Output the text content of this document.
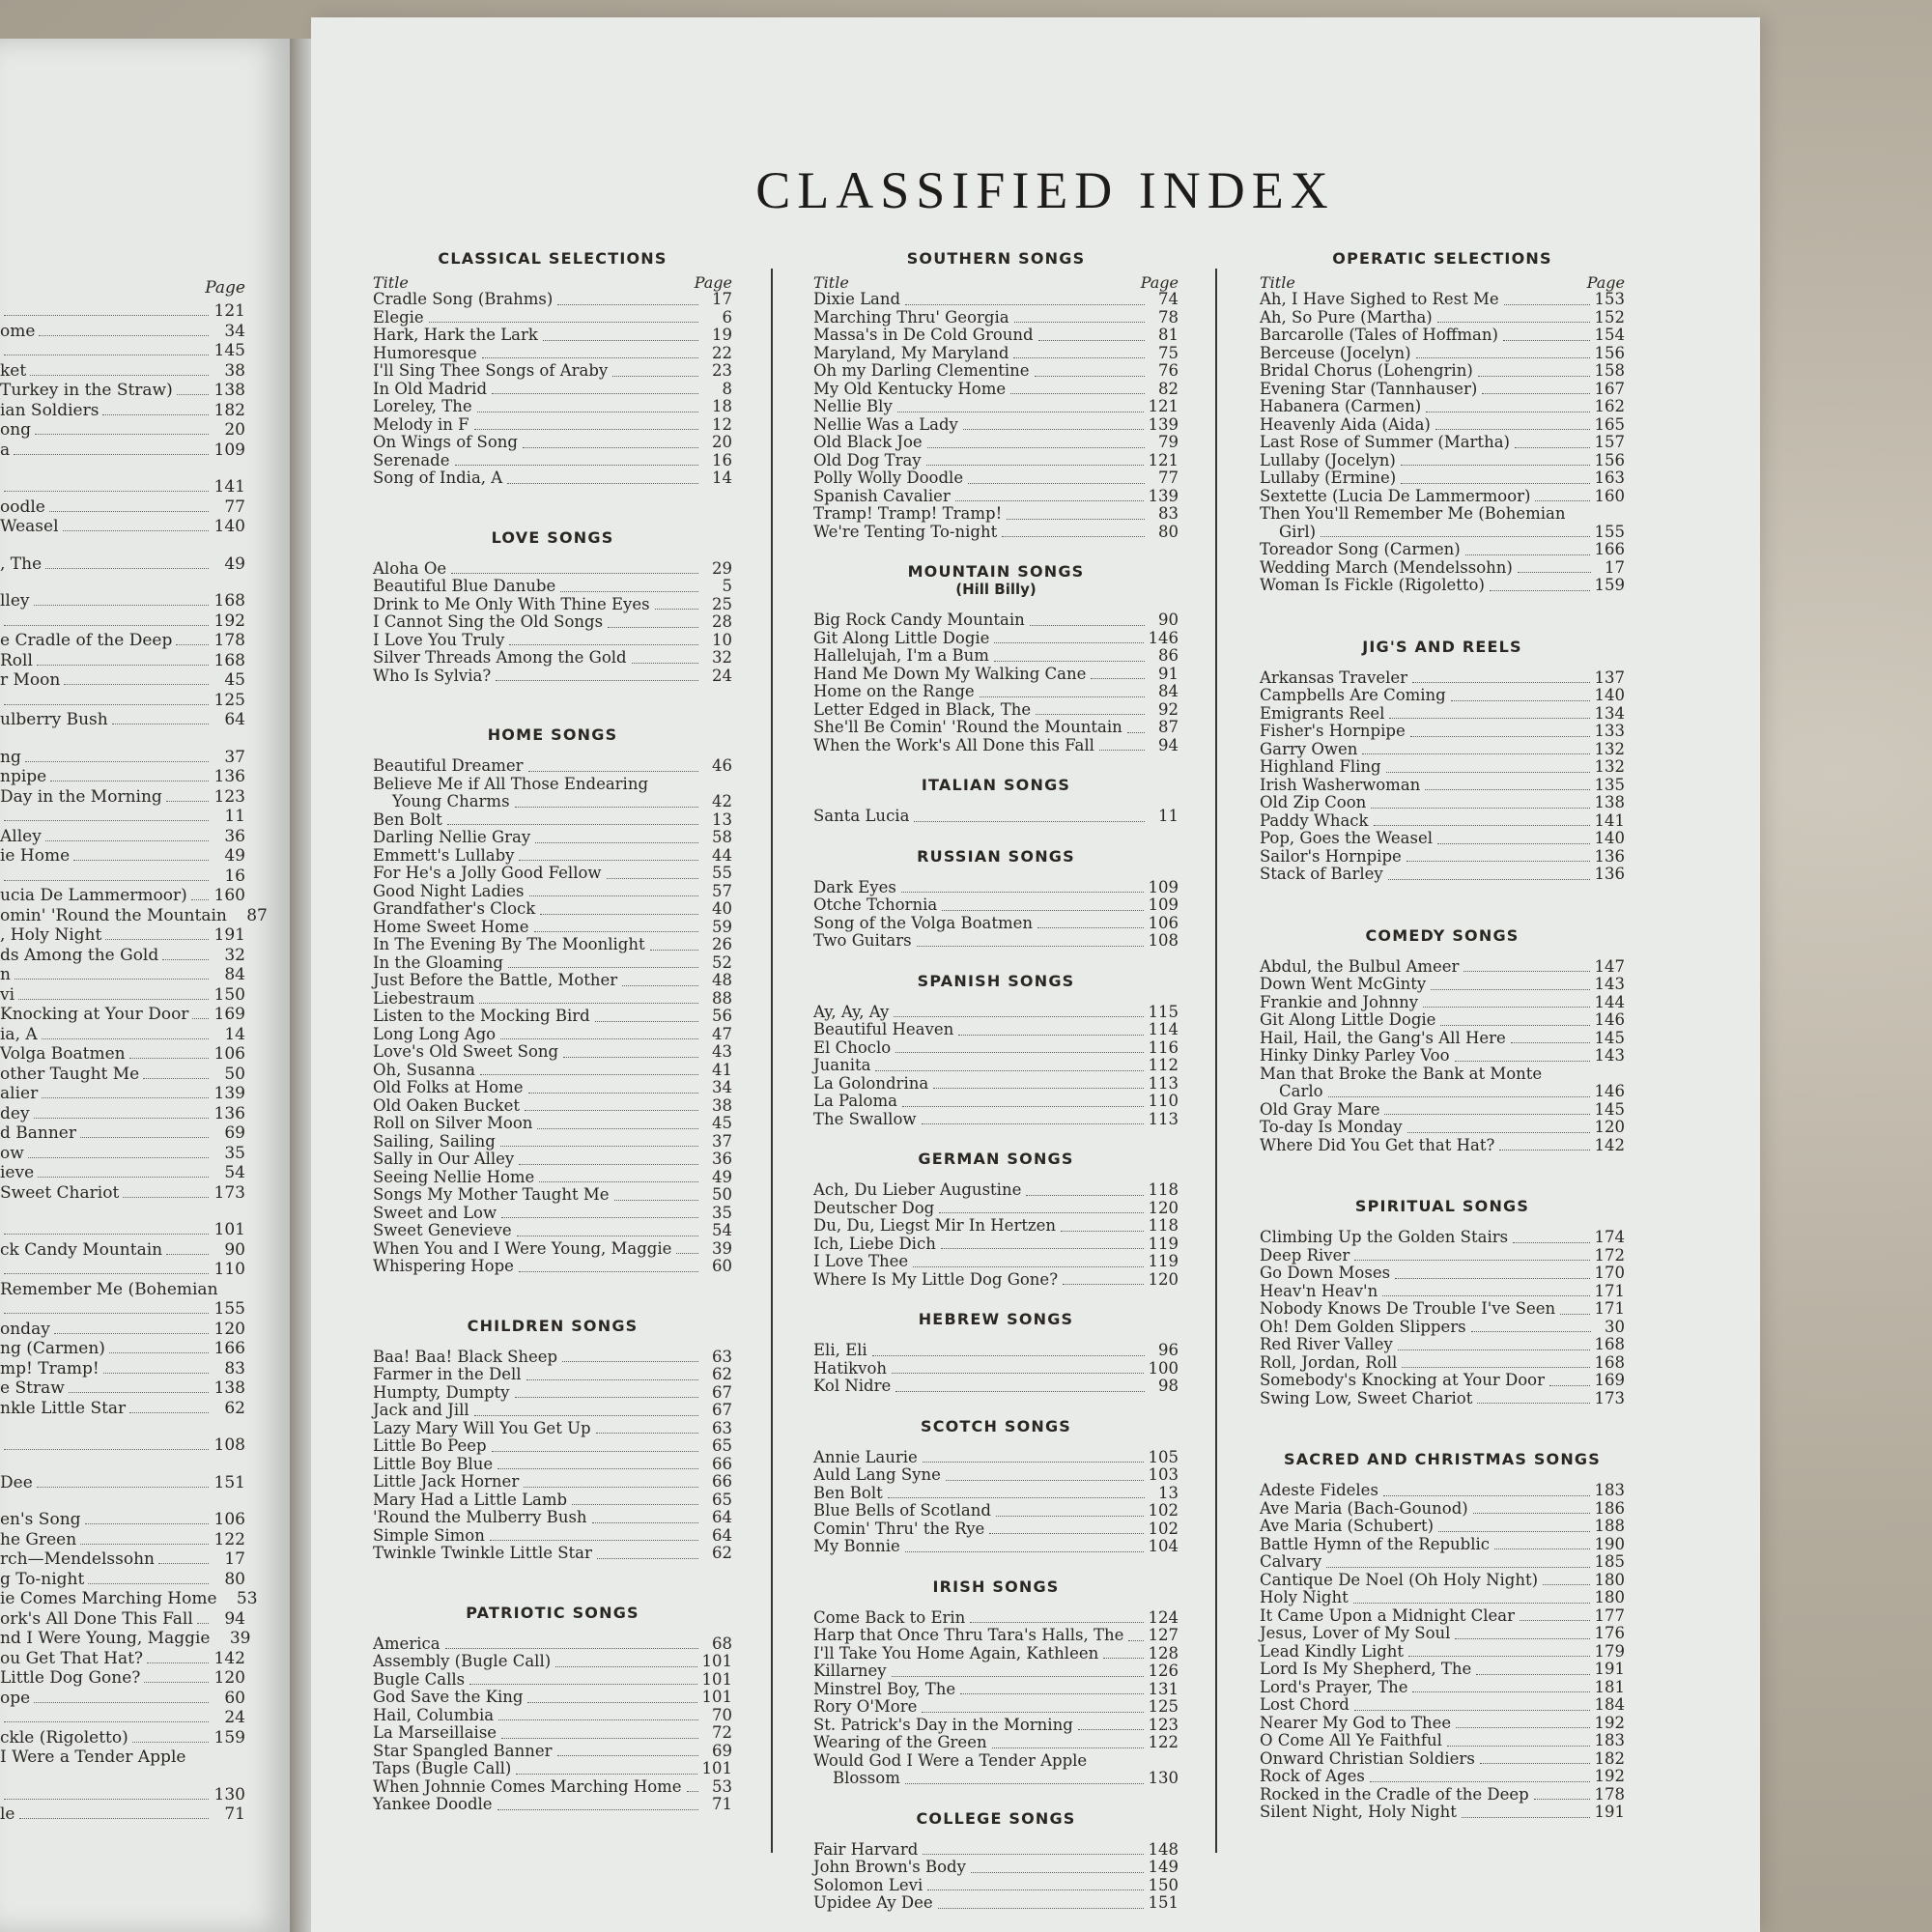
Page
121
ome	34
145
ket	38
Turkey in the Straw)	138
ian Soldiers	182
ong	20
a	109
141
oodle	77
Weasel	140
, The	49
lley	168
192
e Cradle of the Deep	178
Roll	168
r Moon	45
125
ulberry Bush	64
ng	37
npipe	136
Day in the Morning	123
11
Alley	36
ie Home	49
16
ucia De Lammermoor) 160
omin' 'Round the Mountain	87
, Holy Night	191
ds Among the Gold	32
n	84
vi	150
Knocking at Your Door 169
ia, A	14
Volga Boatmen	106
other Taught Me	50
alier	139
dey	136
d Banner	69
ow	35
ieve	54
Sweet Chariot	173
101
ck Candy Mountain	90
110
Remember Me (Bohemian
155
onday	120
ng (Carmen)	166
mp! Tramp!	83
e Straw	138
nkle Little Star	62
108
Dee	151
en's Song	106
he Green	122
rch—Mendelssohn	17
g To-night	80
ie Comes Marching Home	53
ork's All Done This Fall	94
nd I Were Young, Maggie	39
ou Get That Hat?	142
Little Dog Gone?	120
ope	60
24
ckle (Rigoletto)	159
I Were a Tender Apple
130
le	71
CLASSIFIED INDEX
CLASSICAL SELECTIONS
Title	Page
Cradle Song (Brahms)	17
Elegie	6
Hark, Hark the Lark	19
Humoresque	22
I'll Sing Thee Songs of Araby	23
In Old Madrid	8
Loreley, The	18
Melody in F	12
On Wings of Song	20
Serenade	16
Song of India, A	14
LOVE SONGS
Aloha Oe	29
Beautiful Blue Danube	5
Drink to Me Only With Thine Eyes	25
I Cannot Sing the Old Songs	28
I Love You Truly	10
Silver Threads Among the Gold	32
Who Is Sylvia?	24
HOME SONGS
Beautiful Dreamer	46
Believe Me if All Those Endearing
Young Charms	42
Ben Bolt	13
Darling Nellie Gray	58
Emmett's Lullaby	44
For He's a Jolly Good Fellow	55
Good Night Ladies	57
Grandfather's Clock	40
Home Sweet Home	59
In The Evening By The Moonlight	26
In the Gloaming	52
Just Before the Battle, Mother	48
Liebestraum	88
Listen to the Mocking Bird	56
Long Long Ago	47
Love's Old Sweet Song	43
Oh, Susanna	41
Old Folks at Home	34
Old Oaken Bucket	38
Roll on Silver Moon	45
Sailing, Sailing	37
Sally in Our Alley	36
Seeing Nellie Home	49
Songs My Mother Taught Me	50
Sweet and Low	35
Sweet Genevieve	54
When You and I Were Young, Maggie	39
Whispering Hope	60
CHILDREN SONGS
Baa! Baa! Black Sheep	63
Farmer in the Dell	62
Humpty, Dumpty	67
Jack and Jill	67
Lazy Mary Will You Get Up	63
Little Bo Peep	65
Little Boy Blue	66
Little Jack Horner	66
Mary Had a Little Lamb	65
'Round the Mulberry Bush	64
Simple Simon	64
Twinkle Twinkle Little Star	62
PATRIOTIC SONGS
America	68
Assembly (Bugle Call)	101
Bugle Calls	101
God Save the King	101
Hail, Columbia	70
La Marseillaise	72
Star Spangled Banner	69
Taps (Bugle Call)	101
When Johnnie Comes Marching Home	53
Yankee Doodle	71
SOUTHERN SONGS
Title	Page
Dixie Land	74
Marching Thru' Georgia	78
Massa's in De Cold Ground	81
Maryland, My Maryland	75
Oh my Darling Clementine	76
My Old Kentucky Home	82
Nellie Bly	121
Nellie Was a Lady	139
Old Black Joe	79
Old Dog Tray	121
Polly Wolly Doodle	77
Spanish Cavalier	139
Tramp! Tramp! Tramp!	83
We're Tenting To-night	80
MOUNTAIN SONGS
(Hill Billy)
Big Rock Candy Mountain	90
Git Along Little Dogie	146
Hallelujah, I'm a Bum	86
Hand Me Down My Walking Cane	91
Home on the Range	84
Letter Edged in Black, The	92
She'll Be Comin' 'Round the Mountain	87
When the Work's All Done this Fall	94
ITALIAN SONGS
Santa Lucia	11
RUSSIAN SONGS
Dark Eyes	109
Otche Tchornia	109
Song of the Volga Boatmen	106
Two Guitars	108
SPANISH SONGS
Ay, Ay, Ay	115
Beautiful Heaven	114
El Choclo	116
Juanita	112
La Golondrina	113
La Paloma	110
The Swallow	113
GERMAN SONGS
Ach, Du Lieber Augustine	118
Deutscher Dog	120
Du, Du, Liegst Mir In Hertzen	118
Ich, Liebe Dich	119
I Love Thee	119
Where Is My Little Dog Gone?	120
HEBREW SONGS
Eli, Eli	96
Hatikvoh	100
Kol Nidre	98
SCOTCH SONGS
Annie Laurie	105
Auld Lang Syne	103
Ben Bolt	13
Blue Bells of Scotland	102
Comin' Thru' the Rye	102
My Bonnie	104
IRISH SONGS
Come Back to Erin	124
Harp that Once Thru Tara's Halls, The 127
I'll Take You Home Again, Kathleen	128
Killarney	126
Minstrel Boy, The	131
Rory O'More	125
St. Patrick's Day in the Morning	123
Wearing of the Green	122
Would God I Were a Tender Apple
Blossom	130
COLLEGE SONGS
Fair Harvard	148
John Brown's Body	149
Solomon Levi	150
Upidee Ay Dee	151
OPERATIC SELECTIONS
Title	Page
Ah, I Have Sighed to Rest Me	153
Ah, So Pure (Martha)	152
Barcarolle (Tales of Hoffman)	154
Berceuse (Jocelyn)	156
Bridal Chorus (Lohengrin)	158
Evening Star (Tannhauser)	167
Habanera (Carmen)	162
Heavenly Aida (Aida)	165
Last Rose of Summer (Martha)	157
Lullaby (Jocelyn)	156
Lullaby (Ermine)	163
Sextette (Lucia De Lammermoor)	160
Then You'll Remember Me (Bohemian
Girl)	155
Toreador Song (Carmen)	166
Wedding March (Mendelssohn)	17
Woman Is Fickle (Rigoletto)	159
JIG'S AND REELS
Arkansas Traveler	137
Campbells Are Coming	140
Emigrants Reel	134
Fisher's Hornpipe	133
Garry Owen	132
Highland Fling	132
Irish Washerwoman	135
Old Zip Coon	138
Paddy Whack	141
Pop, Goes the Weasel	140
Sailor's Hornpipe	136
Stack of Barley	136
COMEDY SONGS
Abdul, the Bulbul Ameer	147
Down Went McGinty	143
Frankie and Johnny	144
Git Along Little Dogie	146
Hail, Hail, the Gang's All Here	145
Hinky Dinky Parley Voo	143
Man that Broke the Bank at Monte
Carlo	146
Old Gray Mare	145
To-day Is Monday	120
Where Did You Get that Hat?	142
SPIRITUAL SONGS
Climbing Up the Golden Stairs	174
Deep River	172
Go Down Moses	170
Heav'n Heav'n	171
Nobody Knows De Trouble I've Seen 171
Oh! Dem Golden Slippers	30
Red River Valley	168
Roll, Jordan, Roll	168
Somebody's Knocking at Your Door	169
Swing Low, Sweet Chariot	173
SACRED AND CHRISTMAS SONGS
Adeste Fideles	183
Ave Maria (Bach-Gounod)	186
Ave Maria (Schubert)	188
Battle Hymn of the Republic	190
Calvary	185
Cantique De Noel (Oh Holy Night)	180
Holy Night	180
It Came Upon a Midnight Clear	177
Jesus, Lover of My Soul	176
Lead Kindly Light	179
Lord Is My Shepherd, The	191
Lord's Prayer, The	181
Lost Chord	184
Nearer My God to Thee	192
O Come All Ye Faithful	183
Onward Christian Soldiers	182
Rock of Ages	192
Rocked in the Cradle of the Deep	178
Silent Night, Holy Night	191
